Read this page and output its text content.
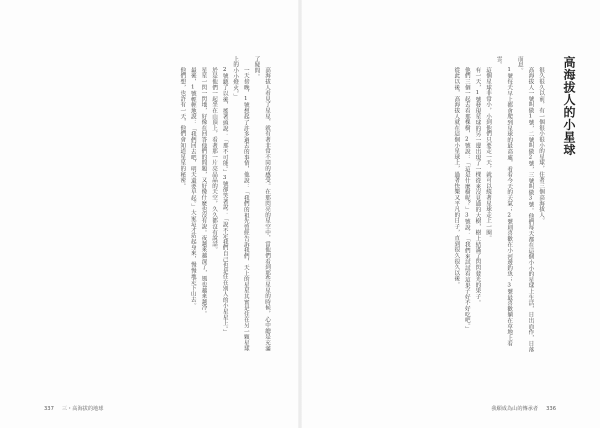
高海拔人看見了星星，就有著非常不同的感受。在那閃亮的星空中，當他們看到那些星星的時候，心中總是充滿了疑問。

一天傍晚，1號想起了許多過去的事情，他說：「我們的祖先曾經告訴我們，天上的星星其實是住在另一顆星球上的小小燈火。」

2號聽了以後，搖著頭說：「那不可能。」3號卻笑著說：「說不定我們自己也是住在別人的小星星上。」

於是他們一起坐在山頂上，看著那一片亮晶晶的天空，久久都沒有說話。

星星一閃一閃地，好像在回答他們的問題，又好像什麼也沒有說。夜越來越深了，風也越來越冷。

最後，1號輕輕地說：「我們回去吧，明天還要早起。」大家這才站起身來，慢慢地走下山去。

他們想，也許有一天，他們會知道星星的秘密。

337 三・高海拔的地球
高海拔人的小星球

很久很久以前，有一個很小很小的星球，住著三個高海拔人。

高海拔人一號叫做1號，二號叫做2號，三號叫做3號。他們每天都在這個小小的星球上生活，日出而作，日落而息。

1號每天早上都會爬到星球的最高處，看看今天的天氣；2號則喜歡在小河邊釣魚；3號最喜歡躺在草地上看雲。

這個星球非常小，小到他們只要走一天，就可以繞著星球走上一圈。

有一天，1號發現星球的另一邊出現了一棵從來沒見過的大樹，樹上結滿了閃閃發光的果子。

他們三個一起去看那棵樹，2號說：「這是什麼樹呢？」3號說：「我們來試試看這果子好不好吃吧。」

從此以後，高海拔人就在這個小星球上，過著快樂又平凡的日子，直到很久很久以後。

我願成為山的傳承者 336
